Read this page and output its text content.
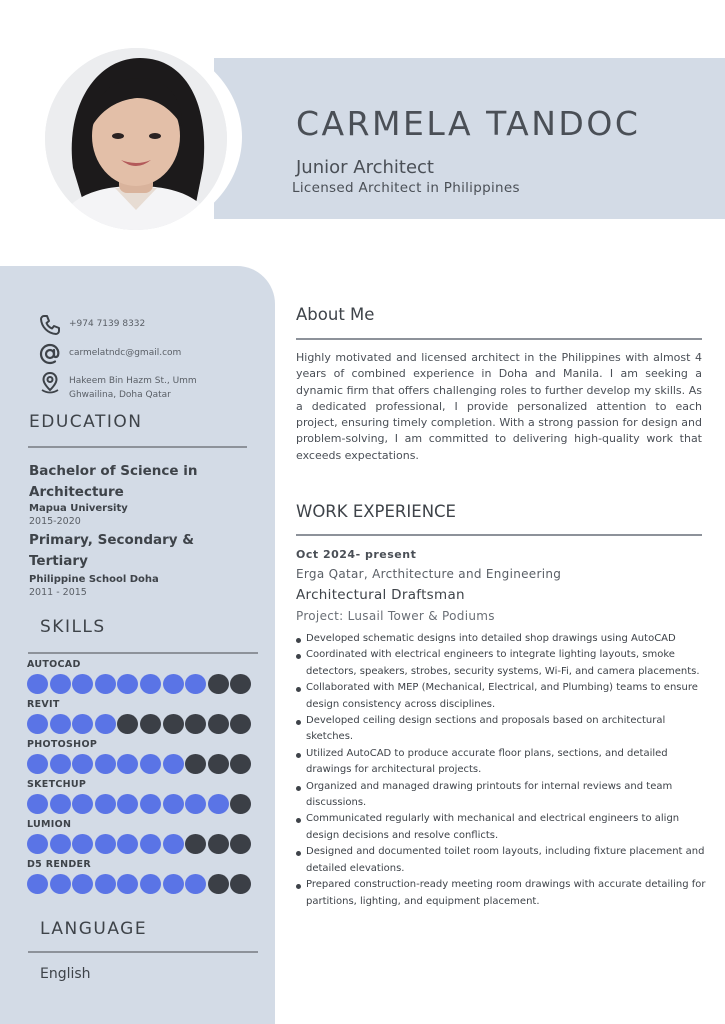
CARMELA TANDOC
Junior Architect
Licensed Architect in Philippines
+974 7139 8332
carmelatndc@gmail.com
Hakeem Bin Hazm St., Umm
Ghwailina, Doha Qatar
EDUCATION
Bachelor of Science in
Architecture
Mapua University
2015-2020
Primary, Secondary &
Tertiary
Philippine School Doha
2011 - 2015
SKILLS
AUTOCAD
REVIT
PHOTOSHOP
SKETCHUP
LUMION
D5 RENDER
LANGUAGE
English
About Me
Highly motivated and licensed architect in the Philippines with almost 4 years of combined experience in Doha and Manila. I am seeking a dynamic firm that offers challenging roles to further develop my skills. As a dedicated professional, I provide personalized attention to each project, ensuring timely completion. With a strong passion for design and problem-solving, I am committed to delivering high-quality work that exceeds expectations.
WORK EXPERIENCE
Oct 2024- present
Erga Qatar, Arcthitecture and Engineering
Architectural Draftsman
Project: Lusail Tower & Podiums
Developed schematic designs into detailed shop drawings using AutoCAD
Coordinated with electrical engineers to integrate lighting layouts, smoke detectors, speakers, strobes, security systems, Wi-Fi, and camera placements.
Collaborated with MEP (Mechanical, Electrical, and Plumbing) teams to ensure design consistency across disciplines.
Developed ceiling design sections and proposals based on architectural sketches.
Utilized AutoCAD to produce accurate floor plans, sections, and detailed drawings for architectural projects.
Organized and managed drawing printouts for internal reviews and team discussions.
Communicated regularly with mechanical and electrical engineers to align design decisions and resolve conflicts.
Designed and documented toilet room layouts, including fixture placement and detailed elevations.
Prepared construction-ready meeting room drawings with accurate detailing for partitions, lighting, and equipment placement.
